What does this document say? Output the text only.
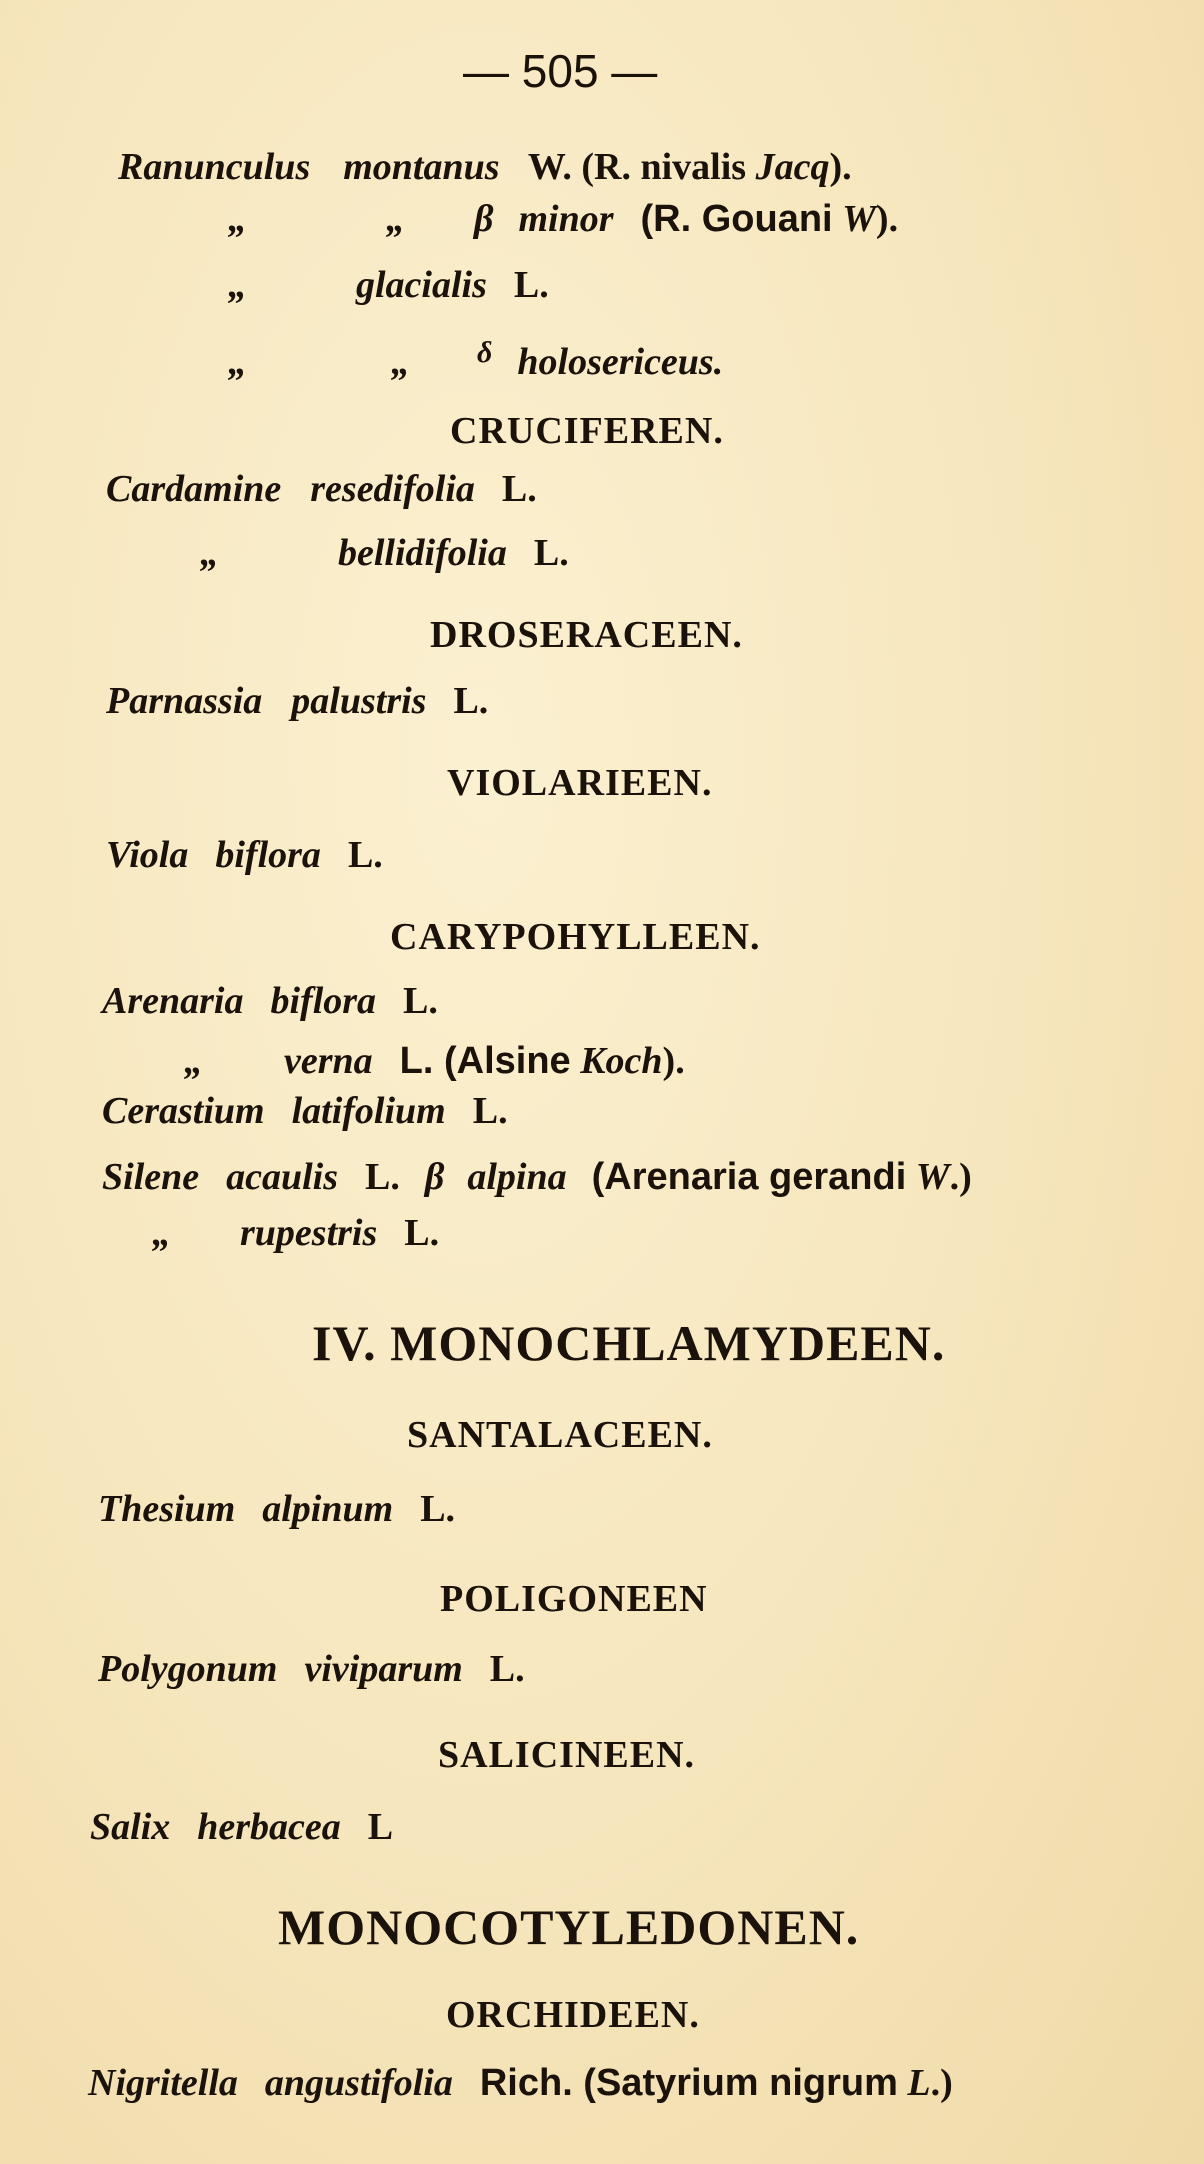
— 505 —
Ranunculus montanus W. (R. nivalis Jacq).
„	„ β minor (R. Gouani W).
„	glacialis L.
„	„ $^\delta$ holosericeus.
CRUCIFEREN.
Cardamine resedifolia L.
„	bellidifolia L.
DROSERACEEN.
Parnassia palustris L.
VIOLARIEEN.
Viola biflora L.
CARYPOHYLLEEN.
Arenaria biflora L.
„ verna L. (Alsine Koch).
Cerastium latifolium L.
Silene acaulis L. β alpina (Arenaria gerandi W.)
„ rupestris L.
IV. MONOCHLAMYDEEN.
SANTALACEEN.
Thesium alpinum L.
POLIGONEEN
Polygonum viviparum L.
SALICINEEN.
Salix herbacea L
MONOCOTYLEDONEN.
ORCHIDEEN.
Nigritella angustifolia Rich. (Satyrium nigrum L.)
